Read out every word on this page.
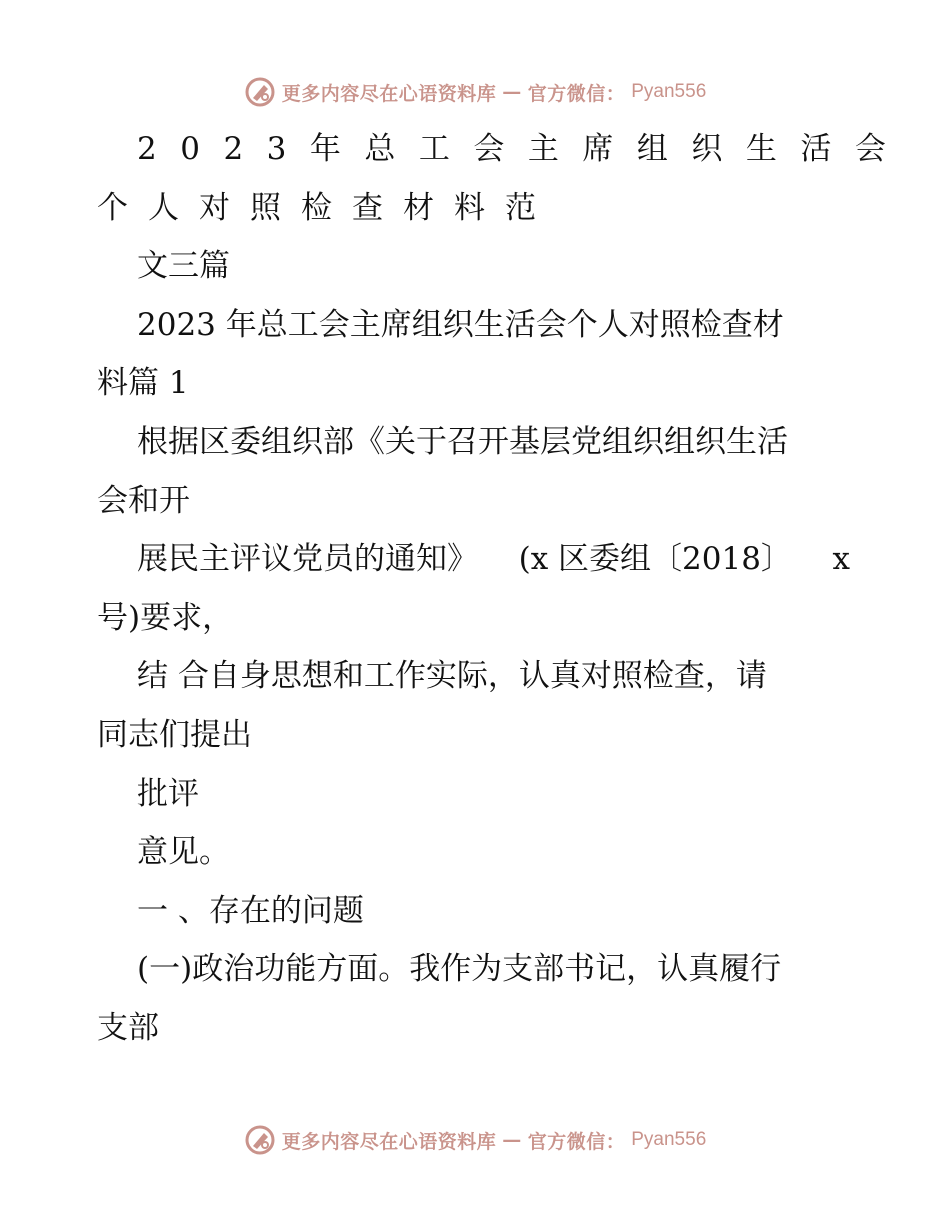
更多内容尽在心语资料库 — 官方微信： Pyan556
2023年总工会主席组织生活会
个人对照检查材料范
文三篇
2023 年总工会主席组织生活会个人对照检查材
料篇 1
根据区委组织部《关于召开基层党组织组织生活
会和开
展民主评议党员的通知》 (x 区委组〔2018〕 x
号)要求，
结 合自身思想和工作实际，认真对照检查，请
同志们提出
批评
意见。
一 、存在的问题
(一)政治功能方面。我作为支部书记，认真履行
支部
更多内容尽在心语资料库 — 官方微信： Pyan556
